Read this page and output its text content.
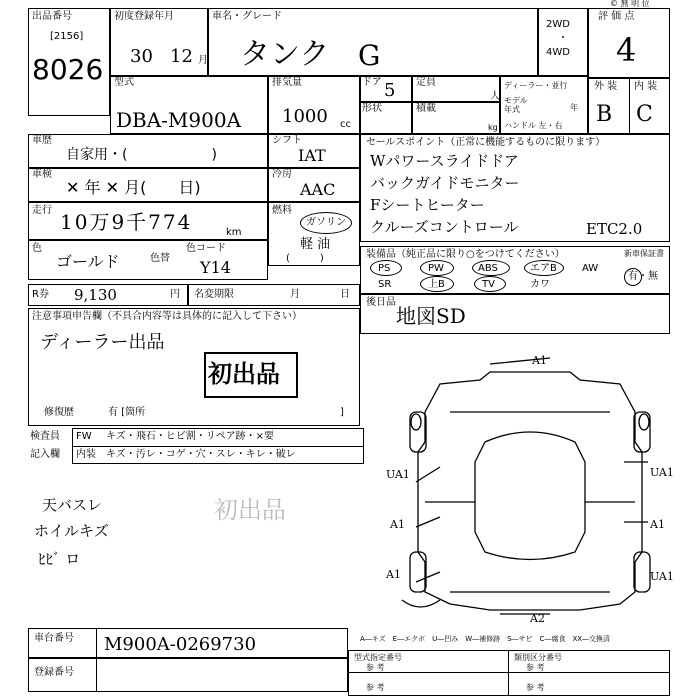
© 無 明 位
出品番号
[2156]
8026
初度登録年月
30 12 月
車名・グレード
タンク G
2WD
・
4WD
評 価 点
4
型式
DBA-M900A
排気量
1000 cc
ドア 5 定員
人
形状	積載
kg
ディーラー・並行
モデル
年式	年
ハンドル 左・右
外 装 内 装
B C
車歴
自家用・(　　　　　　)
シフト
IAT
車検
✕ 年 ✕ 月(　　日)
冷房
AAC
走行 10万9千774	km
燃料
ガソリン
軽 油
(　　　)
色
ゴールド	色替
色コード
Y14
R券 9,130	円 名変期限	月	日
セールスポイント（正常に機能するものに限ります）
Wパワースライドドア
バックガイドモニター
Fシートヒーター
クルーズコントロール	ETC2.0
装備品（純正品に限り○をつけてください）
PS	PW	ABS	エアB	AW
SR	上B	TV	カワ
新車保証書
有・無
後日品
地図SD
注意事項申告欄（不具合内容等は具体的に記入して下さい）
ディーラー出品
初出品
修復歴	有 [箇所	]
検査員
記入欄
FW キズ・飛石・ヒビ割・リペア跡・×要
内装 キズ・汚レ・コゲ・穴・スレ・キレ・破レ
天バスレ
ホイルキズ
ﾋﾋﾞ ロ
初出品
A1
UA1
A1
UA1
A1
A1	UA1
A2
車台番号 M900A-0269730
登録番号
A―キズ　E―エクボ　U―凹み　W―補修跡　S―サビ　C―腐食　XX―交換済
型式指定番号	類別区分番号
参 考	参 考
参 考	参 考
